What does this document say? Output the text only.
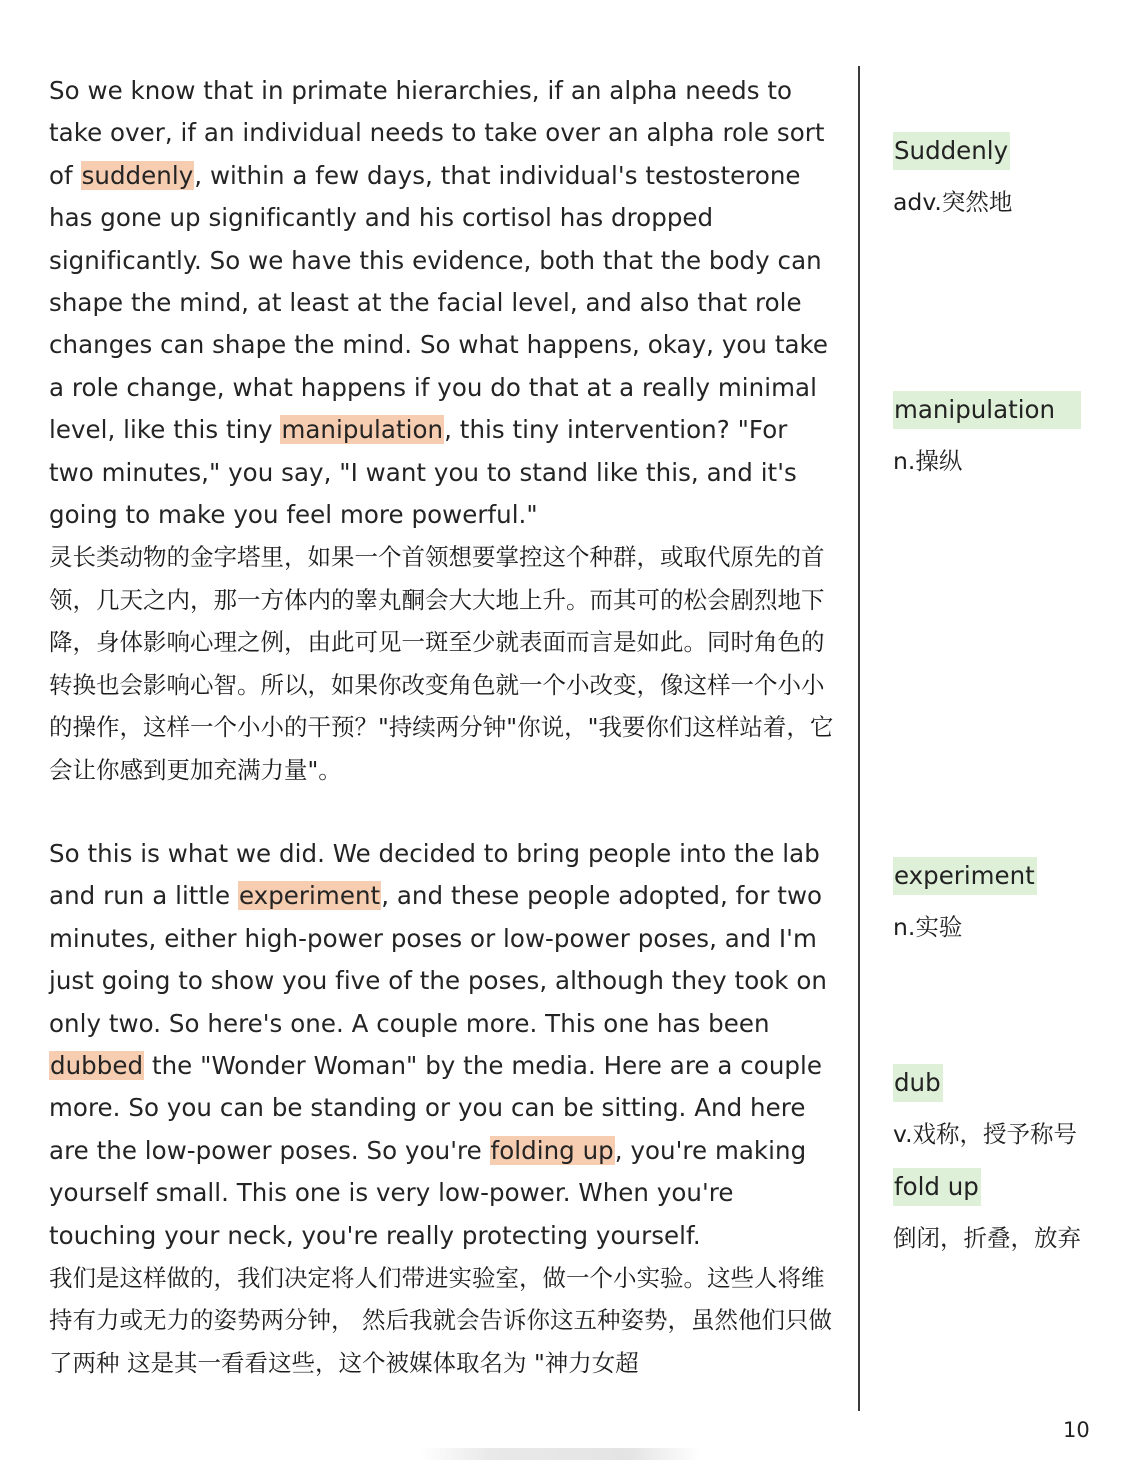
So we know that in primate hierarchies, if an alpha needs to take over, if an individual needs to take over an alpha role sort of suddenly, within a few days, that individual's testosterone has gone up significantly and his cortisol has dropped significantly. So we have this evidence, both that the body can shape the mind, at least at the facial level, and also that role changes can shape the mind. So what happens, okay, you take a role change, what happens if you do that at a really minimal level, like this tiny manipulation, this tiny intervention? "For two minutes," you say, "I want you to stand like this, and it's going to make you feel more powerful."
灵长类动物的金字塔里，如果一个首领想要掌控这个种群，或取代原先的首领，几天之内，那一方体内的睾丸酮会大大地上升。而其可的松会剧烈地下降，身体影响心理之例，由此可见一斑至少就表面而言是如此。同时角色的转换也会影响心智。所以，如果你改变角色就一个小改变，像这样一个小小的操作，这样一个小小的干预？"持续两分钟"你说，"我要你们这样站着，它会让你感到更加充满力量"。
So this is what we did. We decided to bring people into the lab and run a little experiment, and these people adopted, for two minutes, either high-power poses or low-power poses, and I'm just going to show you five of the poses, although they took on only two. So here's one. A couple more. This one has been dubbed the "Wonder Woman" by the media. Here are a couple more. So you can be standing or you can be sitting. And here are the low-power poses. So you're folding up, you're making yourself small. This one is very low-power. When you're touching your neck, you're really protecting yourself.
我们是这样做的，我们决定将人们带进实验室，做一个小实验。这些人将维持有力或无力的姿势两分钟， 然后我就会告诉你这五种姿势，虽然他们只做了两种 这是其一看看这些，这个被媒体取名为 "神力女超
Suddenly
adv.突然地
manipulation
n.操纵
experiment
n.实验
dub
v.戏称，授予称号
fold up
倒闭，折叠，放弃
10
